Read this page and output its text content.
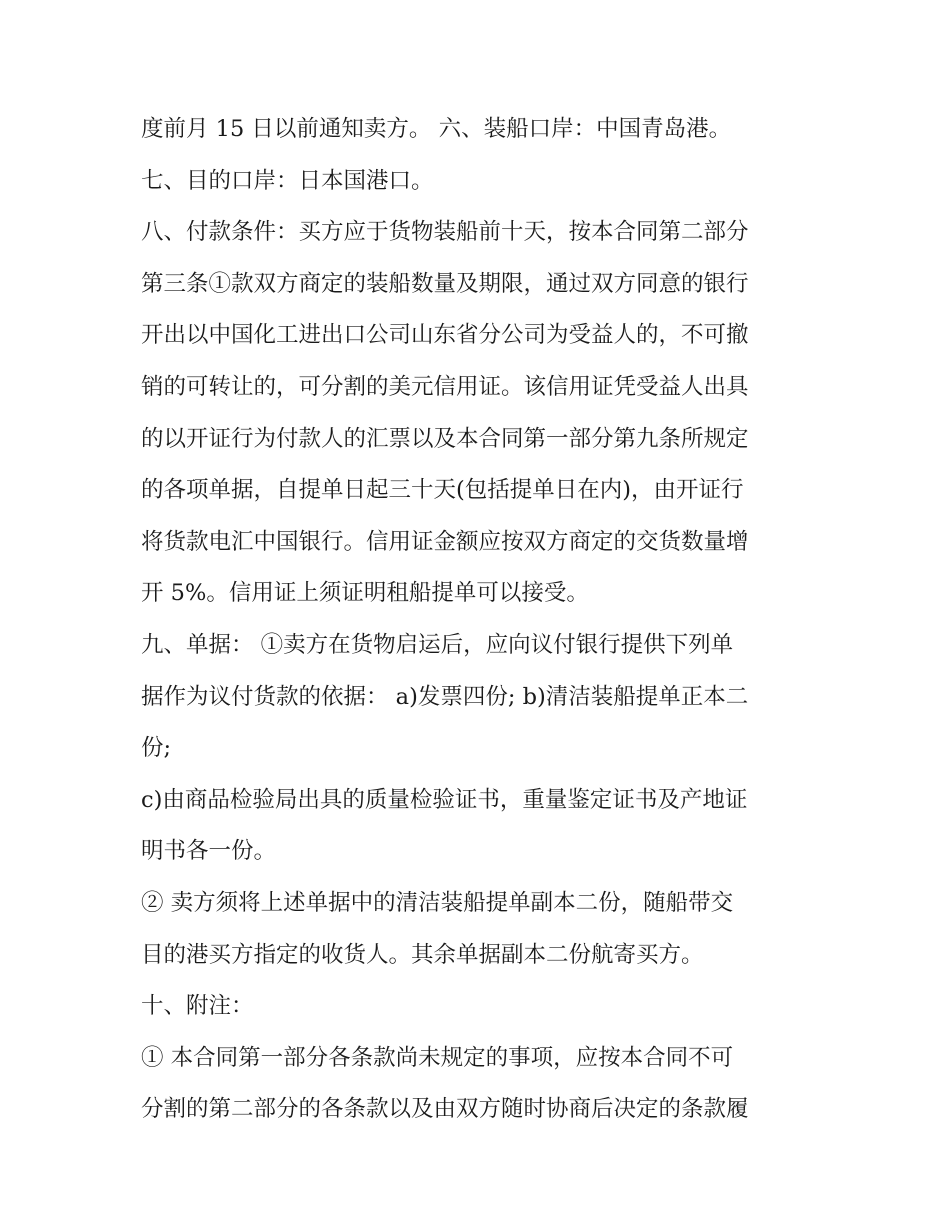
度前月 15 日以前通知卖方。 六、装船口岸：中国青岛港。
七、目的口岸：日本国港口。
八、付款条件：买方应于货物装船前十天，按本合同第二部分
第三条①款双方商定的装船数量及期限，通过双方同意的银行
开出以中国化工进出口公司山东省分公司为受益人的，不可撤
销的可转让的，可分割的美元信用证。该信用证凭受益人出具
的以开证行为付款人的汇票以及本合同第一部分第九条所规定
的各项单据，自提单日起三十天(包括提单日在内)，由开证行
将货款电汇中国银行。信用证金额应按双方商定的交货数量增
开 5%。信用证上须证明租船提单可以接受。
九、单据： ①卖方在货物启运后，应向议付银行提供下列单
据作为议付货款的依据： a)发票四份; b)清洁装船提单正本二
份;
c)由商品检验局出具的质量检验证书，重量鉴定证书及产地证
明书各一份。
② 卖方须将上述单据中的清洁装船提单副本二份，随船带交
目的港买方指定的收货人。其余单据副本二份航寄买方。
十、附注：
① 本合同第一部分各条款尚未规定的事项，应按本合同不可
分割的第二部分的各条款以及由双方随时协商后决定的条款履
